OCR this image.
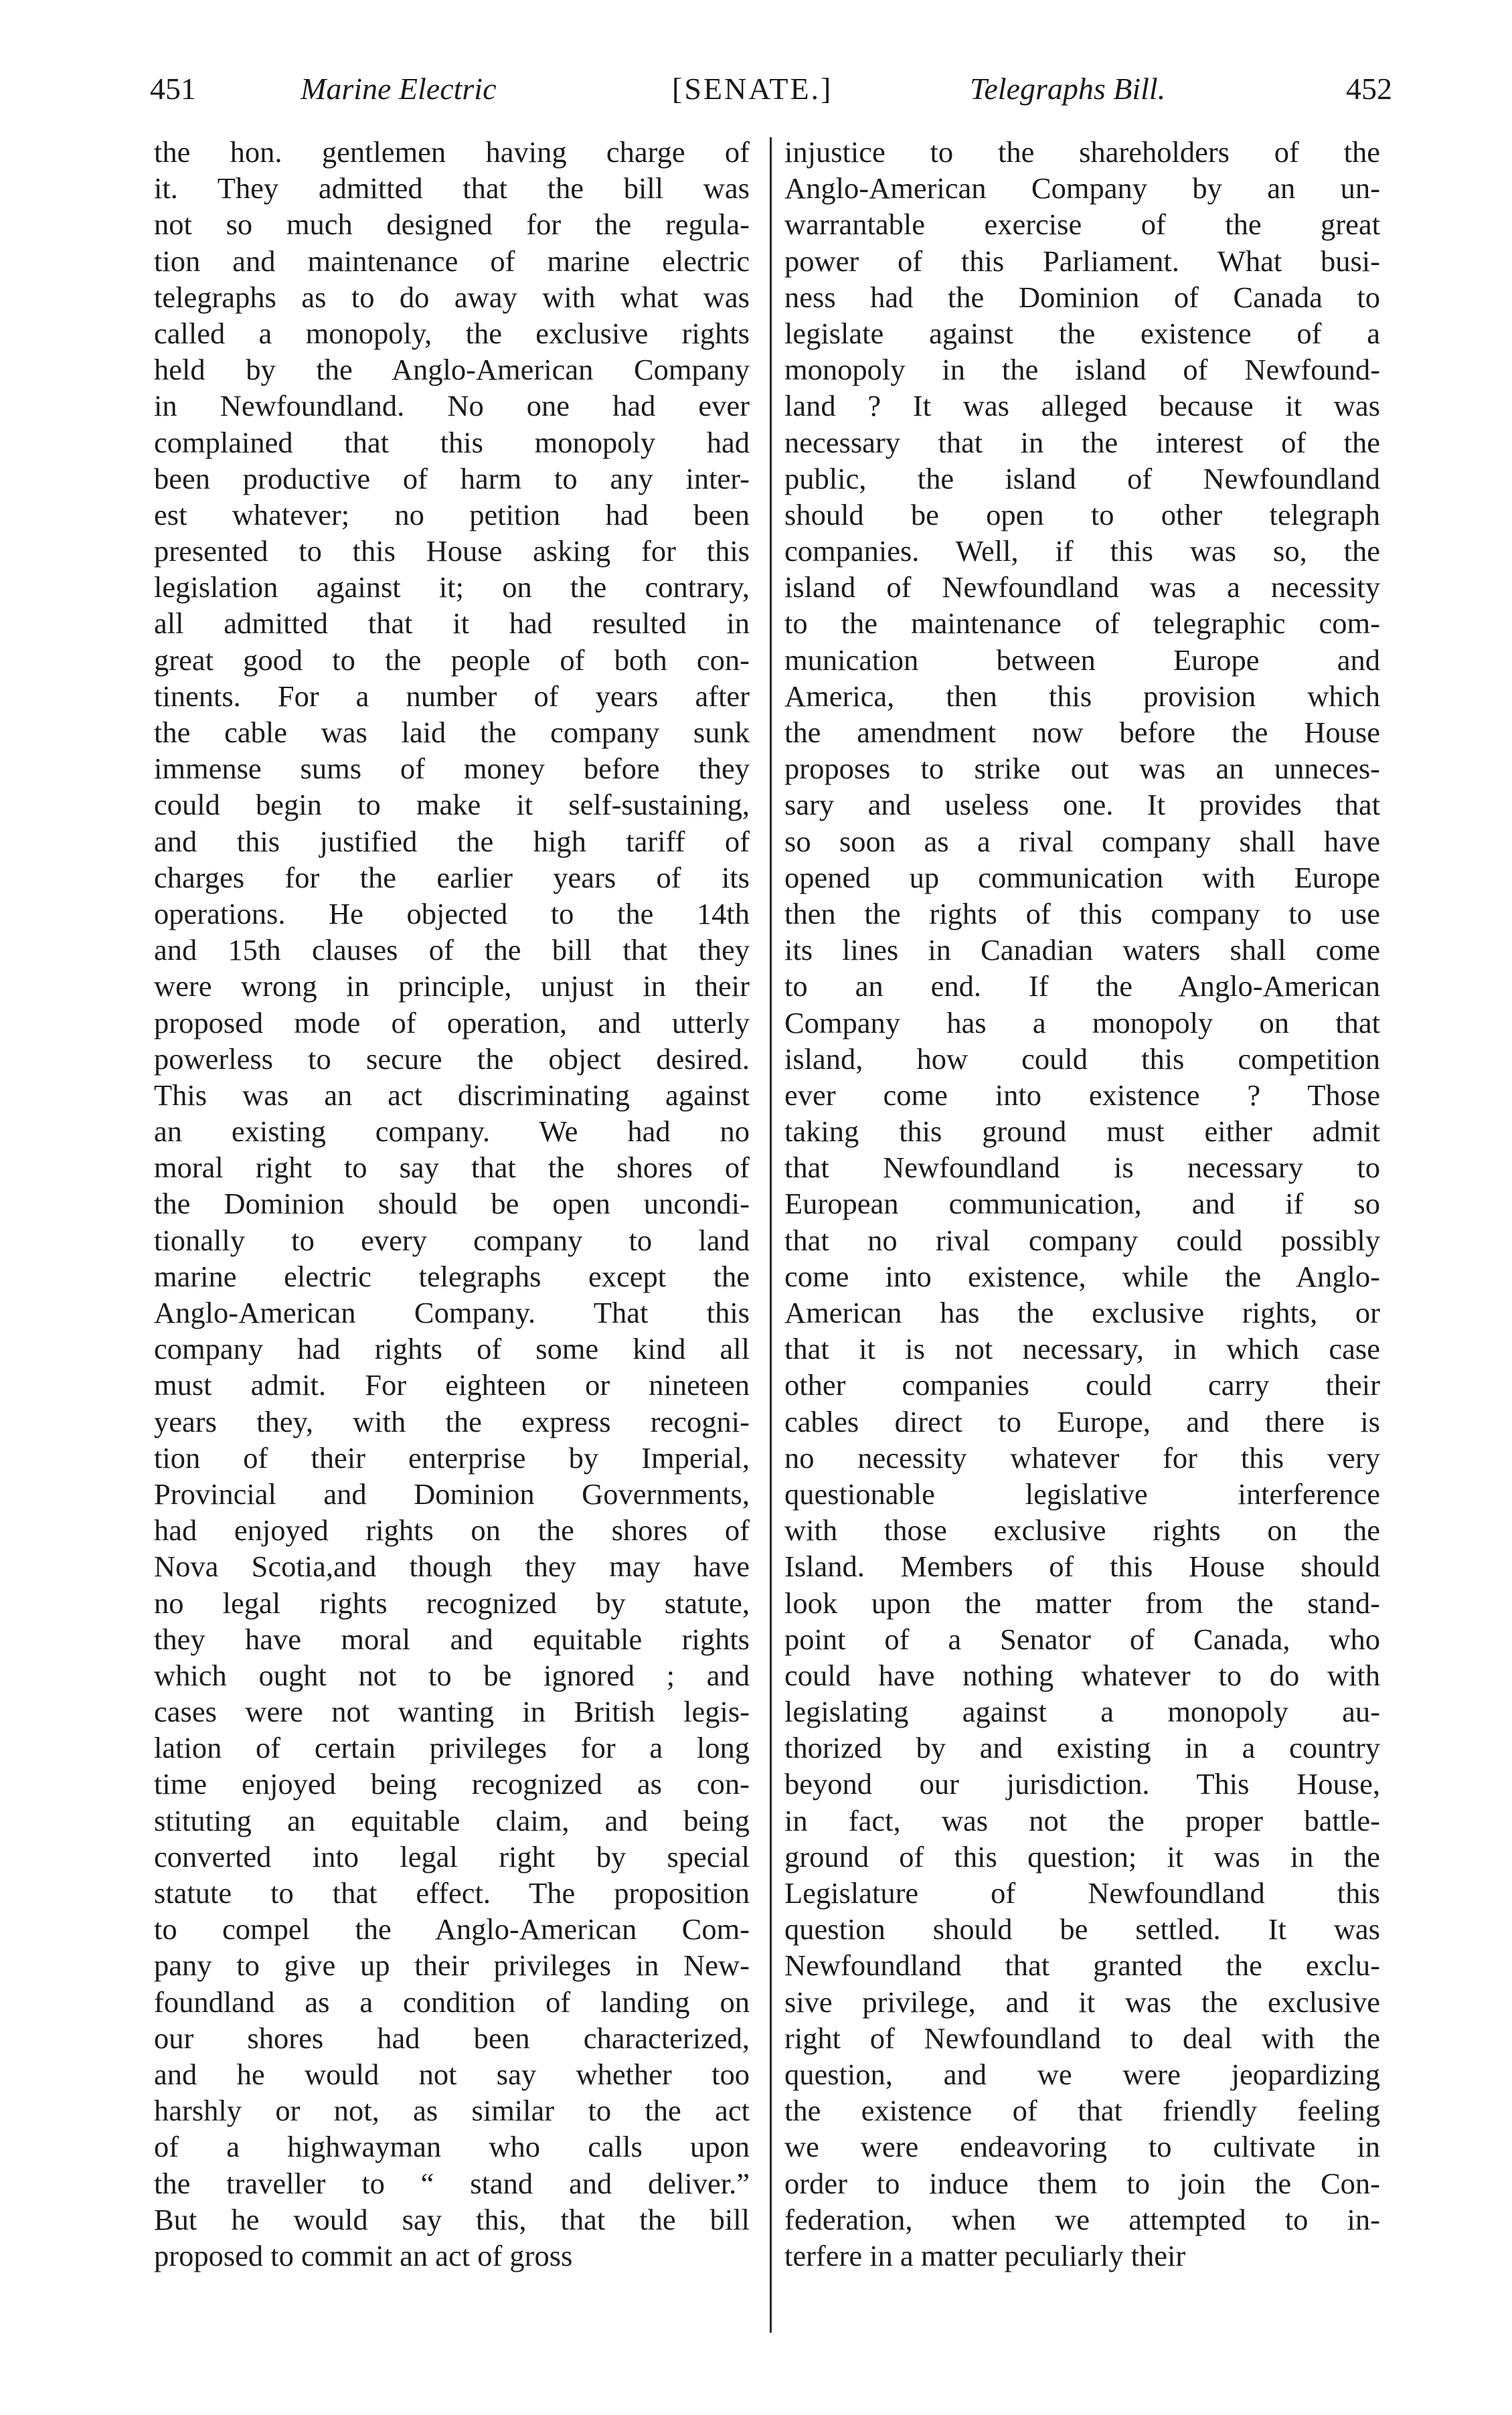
451	Marine Electric	[SENATE.]	Telegraphs Bill.	452
the hon. gentlemen having charge of
it. They admitted that the bill was
not so much designed for the regula-
tion and maintenance of marine electric
telegraphs as to do away with what was
called a monopoly, the exclusive rights
held by the Anglo-American Company
in Newfoundland. No one had ever
complained that this monopoly had
been productive of harm to any inter-
est whatever; no petition had been
presented to this House asking for this
legislation against it; on the contrary,
all admitted that it had resulted in
great good to the people of both con-
tinents. For a number of years after
the cable was laid the company sunk
immense sums of money before they
could begin to make it self-sustaining,
and this justified the high tariff of
charges for the earlier years of its
operations. He objected to the 14th
and 15th clauses of the bill that they
were wrong in principle, unjust in their
proposed mode of operation, and utterly
powerless to secure the object desired.
This was an act discriminating against
an existing company. We had no
moral right to say that the shores of
the Dominion should be open uncondi-
tionally to every company to land
marine electric telegraphs except the
Anglo-American Company. That this
company had rights of some kind all
must admit. For eighteen or nineteen
years they, with the express recogni-
tion of their enterprise by Imperial,
Provincial and Dominion Governments,
had enjoyed rights on the shores of
Nova Scotia,and though they may have
no legal rights recognized by statute,
they have moral and equitable rights
which ought not to be ignored ; and
cases were not wanting in British legis-
lation of certain privileges for a long
time enjoyed being recognized as con-
stituting an equitable claim, and being
converted into legal right by special
statute to that effect. The proposition
to compel the Anglo-American Com-
pany to give up their privileges in New-
foundland as a condition of landing on
our shores had been characterized,
and he would not say whether too
harshly or not, as similar to the act
of a highwayman who calls upon
the traveller to “ stand and deliver.”
But he would say this, that the bill
proposed to commit an act of gross
injustice to the shareholders of the
Anglo-American Company by an un-
warrantable exercise of the great
power of this Parliament. What busi-
ness had the Dominion of Canada to
legislate against the existence of a
monopoly in the island of Newfound-
land ? It was alleged because it was
necessary that in the interest of the
public, the island of Newfoundland
should be open to other telegraph
companies. Well, if this was so, the
island of Newfoundland was a necessity
to the maintenance of telegraphic com-
munication between Europe and
America, then this provision which
the amendment now before the House
proposes to strike out was an unneces-
sary and useless one. It provides that
so soon as a rival company shall have
opened up communication with Europe
then the rights of this company to use
its lines in Canadian waters shall come
to an end. If the Anglo-American
Company has a monopoly on that
island, how could this competition
ever come into existence ? Those
taking this ground must either admit
that Newfoundland is necessary to
European communication, and if so
that no rival company could possibly
come into existence, while the Anglo-
American has the exclusive rights, or
that it is not necessary, in which case
other companies could carry their
cables direct to Europe, and there is
no necessity whatever for this very
questionable legislative interference
with those exclusive rights on the
Island. Members of this House should
look upon the matter from the stand-
point of a Senator of Canada, who
could have nothing whatever to do with
legislating against a monopoly au-
thorized by and existing in a country
beyond our jurisdiction. This House,
in fact, was not the proper battle-
ground of this question; it was in the
Legislature of Newfoundland this
question should be settled. It was
Newfoundland that granted the exclu-
sive privilege, and it was the exclusive
right of Newfoundland to deal with the
question, and we were jeopardizing
the existence of that friendly feeling
we were endeavoring to cultivate in
order to induce them to join the Con-
federation, when we attempted to in-
terfere in a matter peculiarly their
